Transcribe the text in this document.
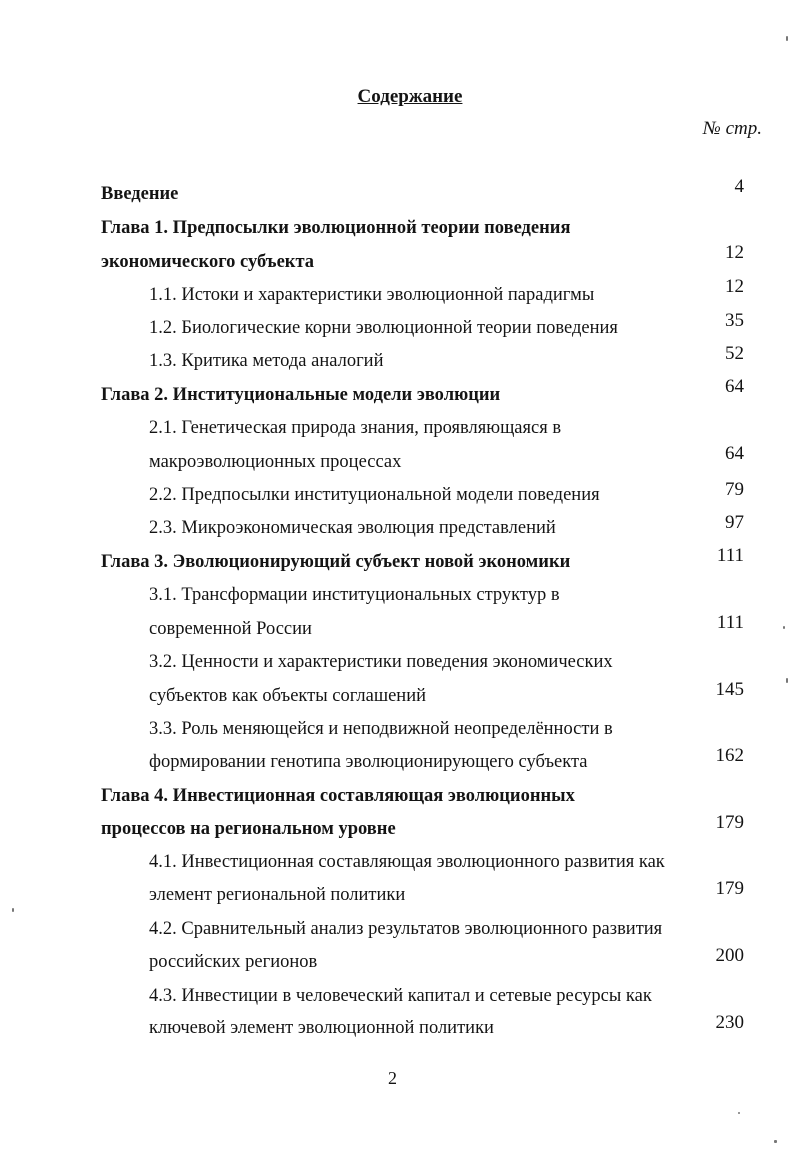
Содержание
№ стр.
Введение	4
Глава 1. Предпосылки эволюционной теории поведения
экономического субъекта	12
1.1. Истоки и характеристики эволюционной парадигмы	12
1.2. Биологические корни эволюционной теории поведения	35
1.3. Критика метода аналогий	52
Глава 2. Институциональные модели эволюции	64
2.1. Генетическая природа знания, проявляющаяся в
макроэволюционных процессах	64
2.2. Предпосылки институциональной модели поведения	79
2.3. Микроэкономическая эволюция представлений	97
Глава 3. Эволюционирующий субъект новой экономики	111
3.1. Трансформации институциональных структур в
современной России	111
3.2. Ценности и характеристики поведения экономических
субъектов как объекты соглашений	145
3.3. Роль меняющейся и неподвижной неопределённости в
формировании генотипа эволюционирующего субъекта	162
Глава 4. Инвестиционная составляющая эволюционных
процессов на региональном уровне	179
4.1. Инвестиционная составляющая эволюционного развития как
элемент региональной политики	179
4.2. Сравнительный анализ результатов эволюционного развития
российских регионов	200
4.3. Инвестиции в человеческий капитал и сетевые ресурсы как
ключевой элемент эволюционной политики	230
2
